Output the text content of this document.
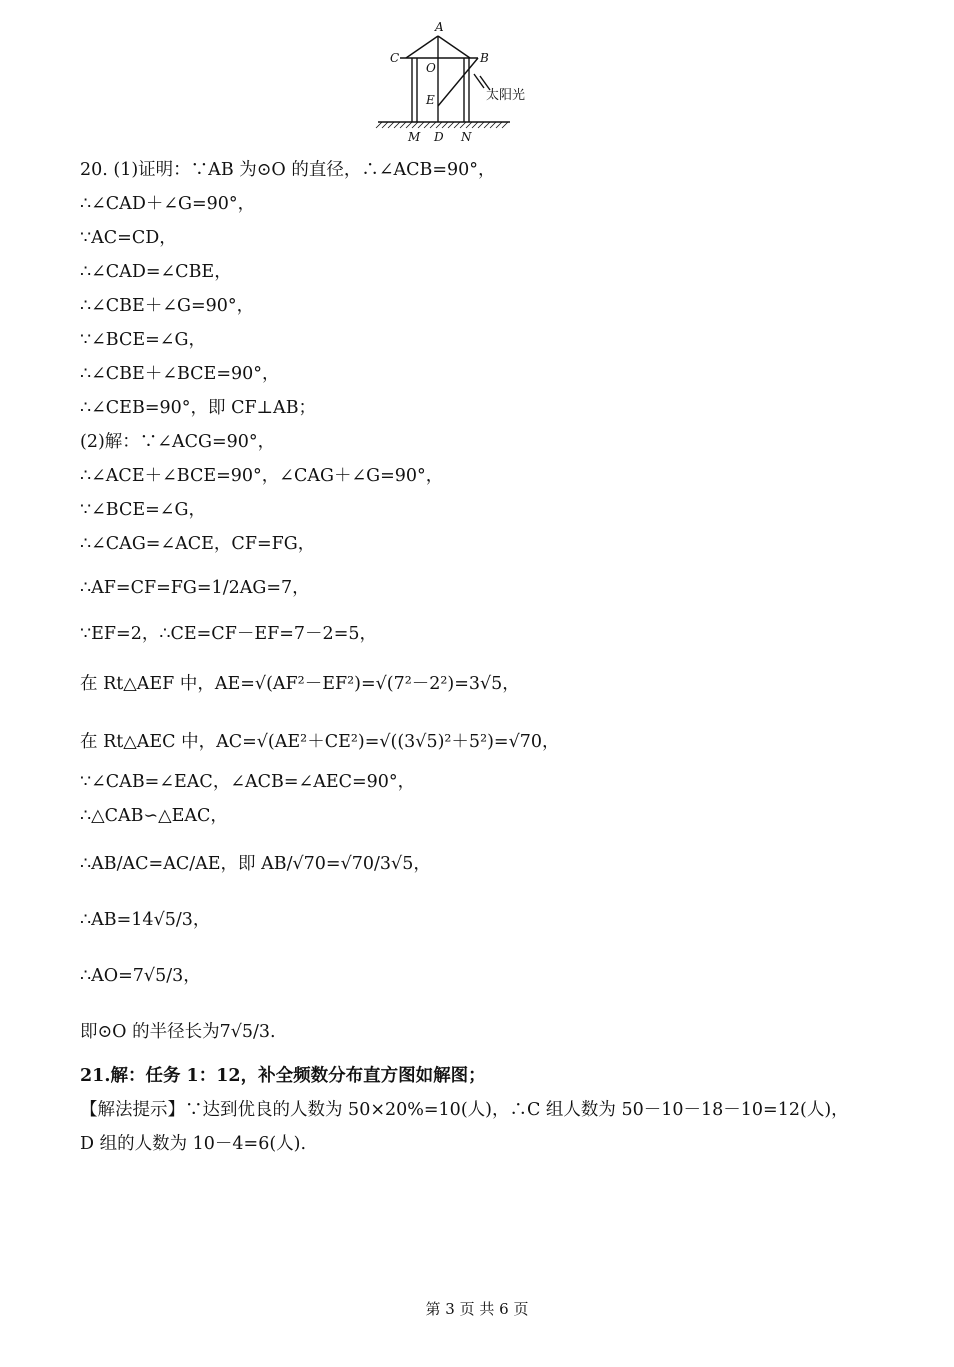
A
B
C
O
E
M D N
太阳光
20. (1)证明：∵AB 为⊙O 的直径，∴∠ACB=90°，
∴∠CAD＋∠G=90°，
∵AC=CD，
∴∠CAD=∠CBE，
∴∠CBE＋∠G=90°，
∵∠BCE=∠G，
∴∠CBE＋∠BCE=90°，
∴∠CEB=90°，即 CF⊥AB；
(2)解：∵∠ACG=90°，
∴∠ACE＋∠BCE=90°，∠CAG＋∠G=90°，
∵∠BCE=∠G，
∴∠CAG=∠ACE，CF=FG，
∴AF=CF=FG=1/2AG=7，
∵EF=2，∴CE=CF－EF=7－2=5，
在 Rt△AEF 中，AE=√(AF²－EF²)=√(7²－2²)=3√5，
在 Rt△AEC 中，AC=√(AE²＋CE²)=√((3√5)²＋5²)=√70，
∵∠CAB=∠EAC，∠ACB=∠AEC=90°，
∴△CAB∽△EAC，
∴AB/AC=AC/AE，即 AB/√70=√70/3√5，
∴AB=14√5/3，
∴AO=7√5/3，
即⊙O 的半径长为7√5/3.
21.解：任务 1：12，补全频数分布直方图如解图；
【解法提示】∵达到优良的人数为 50×20%=10(人)，∴C 组人数为 50－10－18－10=12(人)，
D 组的人数为 10－4=6(人).
第 3 页 共 6 页
